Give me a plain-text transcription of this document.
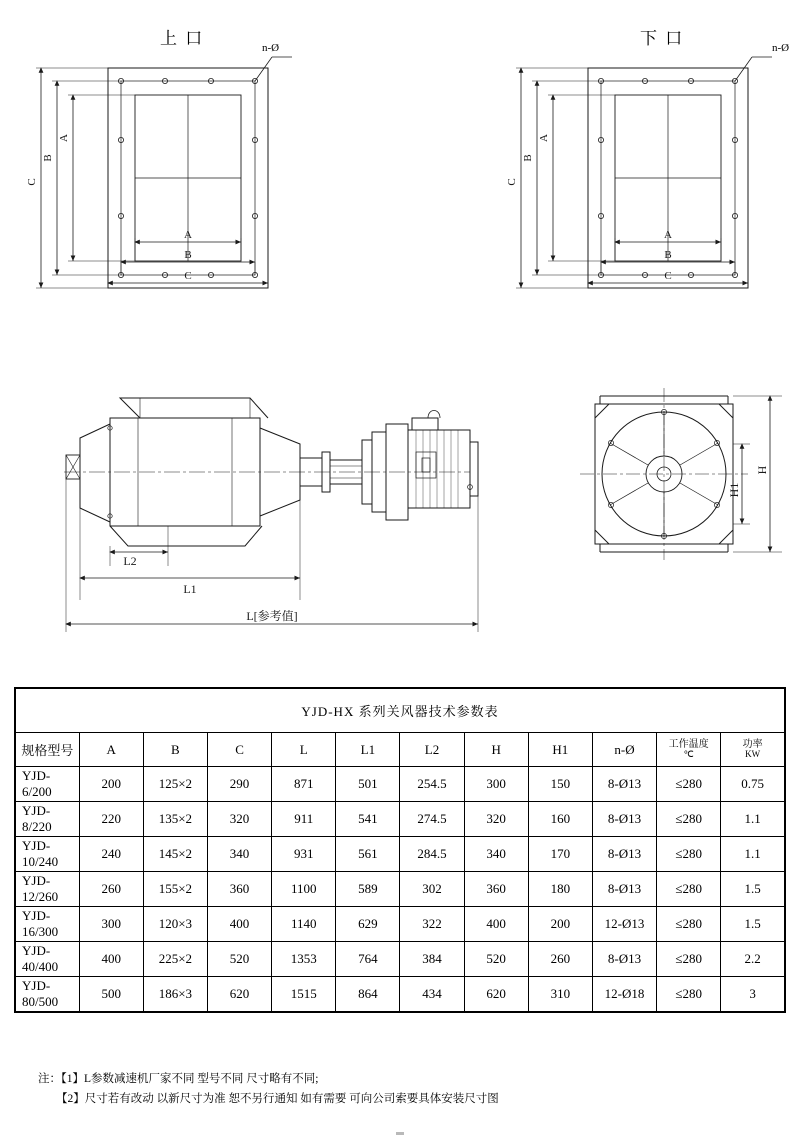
C
B
A
A
B
C
C
B
A
A
B
C
L2
L1
L[参考值]
H
H1
上 口	下 口
n-Ø	n-Ø
YJD-HX 系列关风器技术参数表											
规格型号	A	B	C	L	L1	L2	H	H1	n-Ø	工作温度
℃	功率
KW

YJD-6/200	200	125×2	290	871	501	254.5	300	150	8-Ø13	≤280	0.75
YJD-8/220	220	135×2	320	911	541	274.5	320	160	8-Ø13	≤280	1.1
YJD-10/240	240	145×2	340	931	561	284.5	340	170	8-Ø13	≤280	1.1
YJD-12/260	260	155×2	360	1100	589	302	360	180	8-Ø13	≤280	1.5
YJD-16/300	300	120×3	400	1140	629	322	400	200	12-Ø13	≤280	1.5
YJD-40/400	400	225×2	520	1353	764	384	520	260	8-Ø13	≤280	2.2
YJD-80/500	500	186×3	620	1515	864	434	620	310	12-Ø18	≤280	3
注：【1】L参数减速机厂家不同 型号不同 尺寸略有不同;
【2】尺寸若有改动 以新尺寸为准 恕不另行通知 如有需要 可向公司索要具体安装尺寸图
